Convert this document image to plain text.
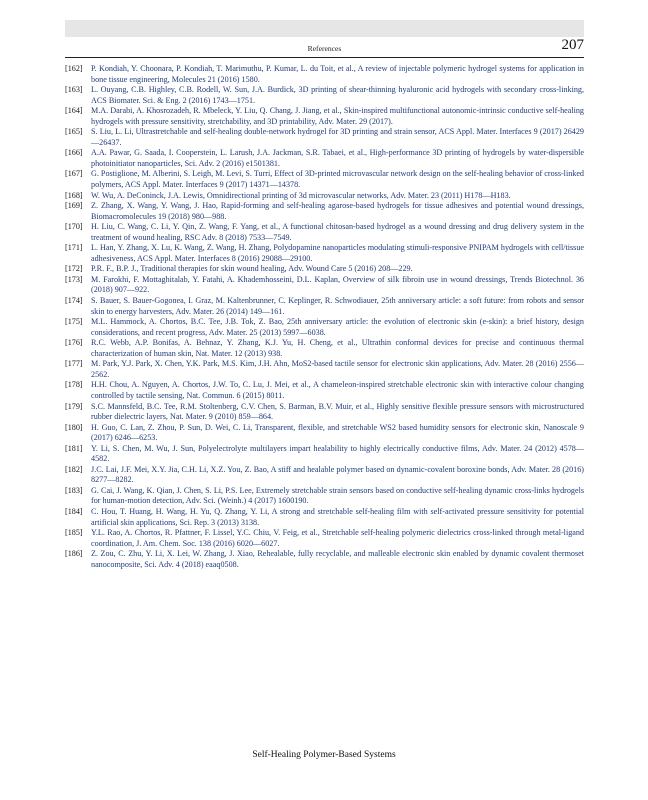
References	207
[162]	P. Kondiah, Y. Choonara, P. Kondiah, T. Marimuthu, P. Kumar, L. du Toit, et al., A review of injectable polymeric hydrogel systems for application in bone tissue engineering, Molecules 21 (2016) 1580.
[163]	L. Ouyang, C.B. Highley, C.B. Rodell, W. Sun, J.A. Burdick, 3D printing of shear-thinning hyaluronic acid hydrogels with secondary cross-linking, ACS Biomater. Sci. & Eng. 2 (2016) 1743—1751.
[164]	M.A. Darabi, A. Khosrozadeh, R. Mbeleck, Y. Liu, Q. Chang, J. Jiang, et al., Skin-inspired multifunctional autonomic-intrinsic conductive self-healing hydrogels with pressure sensitivity, stretchability, and 3D printability, Adv. Mater. 29 (2017).
[165]	S. Liu, L. Li, Ultrastretchable and self-healing double-network hydrogel for 3D printing and strain sensor, ACS Appl. Mater. Interfaces 9 (2017) 26429—26437.
[166]	A.A. Pawar, G. Saada, I. Cooperstein, L. Larush, J.A. Jackman, S.R. Tabaei, et al., High-performance 3D printing of hydrogels by water-dispersible photoinitiator nanoparticles, Sci. Adv. 2 (2016) e1501381.
[167]	G. Postiglione, M. Alberini, S. Leigh, M. Levi, S. Turri, Effect of 3D-printed microvascular network design on the self-healing behavior of cross-linked polymers, ACS Appl. Mater. Interfaces 9 (2017) 14371—14378.
[168]	W. Wu, A. DeConinck, J.A. Lewis, Omnidirectional printing of 3d microvascular networks, Adv. Mater. 23 (2011) H178—H183.
[169]	Z. Zhang, X. Wang, Y. Wang, J. Hao, Rapid-forming and self-healing agarose-based hydrogels for tissue adhesives and potential wound dressings, Biomacromolecules 19 (2018) 980—988.
[170]	H. Liu, C. Wang, C. Li, Y. Qin, Z. Wang, F. Yang, et al., A functional chitosan-based hydrogel as a wound dressing and drug delivery system in the treatment of wound healing, RSC Adv. 8 (2018) 7533—7549.
[171]	L. Han, Y. Zhang, X. Lu, K. Wang, Z. Wang, H. Zhang, Polydopamine nanoparticles modulating stimuli-responsive PNIPAM hydrogels with cell/tissue adhesiveness, ACS Appl. Mater. Interfaces 8 (2016) 29088—29100.
[172]	P.R. F., B.P. J., Traditional therapies for skin wound healing, Adv. Wound Care 5 (2016) 208—229.
[173]	M. Farokhi, F. Mottaghitalab, Y. Fatahi, A. Khademhosseini, D.L. Kaplan, Overview of silk fibroin use in wound dressings, Trends Biotechnol. 36 (2018) 907—922.
[174]	S. Bauer, S. Bauer-Gogonea, I. Graz, M. Kaltenbrunner, C. Keplinger, R. Schwodiauer, 25th anniversary article: a soft future: from robots and sensor skin to energy harvesters, Adv. Mater. 26 (2014) 149—161.
[175]	M.L. Hammock, A. Chortos, B.C. Tee, J.B. Tok, Z. Bao, 25th anniversary article: the evolution of electronic skin (e-skin): a brief history, design considerations, and recent progress, Adv. Mater. 25 (2013) 5997—6038.
[176]	R.C. Webb, A.P. Bonifas, A. Behnaz, Y. Zhang, K.J. Yu, H. Cheng, et al., Ultrathin conformal devices for precise and continuous thermal characterization of human skin, Nat. Mater. 12 (2013) 938.
[177]	M. Park, Y.J. Park, X. Chen, Y.K. Park, M.S. Kim, J.H. Ahn, MoS2-based tactile sensor for electronic skin applications, Adv. Mater. 28 (2016) 2556—2562.
[178]	H.H. Chou, A. Nguyen, A. Chortos, J.W. To, C. Lu, J. Mei, et al., A chameleon-inspired stretchable electronic skin with interactive colour changing controlled by tactile sensing, Nat. Commun. 6 (2015) 8011.
[179]	S.C. Mannsfeld, B.C. Tee, R.M. Stoltenberg, C.V. Chen, S. Barman, B.V. Muir, et al., Highly sensitive flexible pressure sensors with microstructured rubber dielectric layers, Nat. Mater. 9 (2010) 859—864.
[180]	H. Guo, C. Lan, Z. Zhou, P. Sun, D. Wei, C. Li, Transparent, flexible, and stretchable WS2 based humidity sensors for electronic skin, Nanoscale 9 (2017) 6246—6253.
[181]	Y. Li, S. Chen, M. Wu, J. Sun, Polyelectrolyte multilayers impart healability to highly electrically conductive films, Adv. Mater. 24 (2012) 4578—4582.
[182]	J.C. Lai, J.F. Mei, X.Y. Jia, C.H. Li, X.Z. You, Z. Bao, A stiff and healable polymer based on dynamic-covalent boroxine bonds, Adv. Mater. 28 (2016) 8277—8282.
[183]	G. Cai, J. Wang, K. Qian, J. Chen, S. Li, P.S. Lee, Extremely stretchable strain sensors based on conductive self-healing dynamic cross-links hydrogels for human-motion detection, Adv. Sci. (Weinh.) 4 (2017) 1600190.
[184]	C. Hou, T. Huang, H. Wang, H. Yu, Q. Zhang, Y. Li, A strong and stretchable self-healing film with self-activated pressure sensitivity for potential artificial skin applications, Sci. Rep. 3 (2013) 3138.
[185]	Y.L. Rao, A. Chortos, R. Pfattner, F. Lissel, Y.C. Chiu, V. Feig, et al., Stretchable self-healing polymeric dielectrics cross-linked through metal-ligand coordination, J. Am. Chem. Soc. 138 (2016) 6020—6027.
[186]	Z. Zou, C. Zhu, Y. Li, X. Lei, W. Zhang, J. Xiao, Rehealable, fully recyclable, and malleable electronic skin enabled by dynamic covalent thermoset nanocomposite, Sci. Adv. 4 (2018) eaaq0508.
Self-Healing Polymer-Based Systems
